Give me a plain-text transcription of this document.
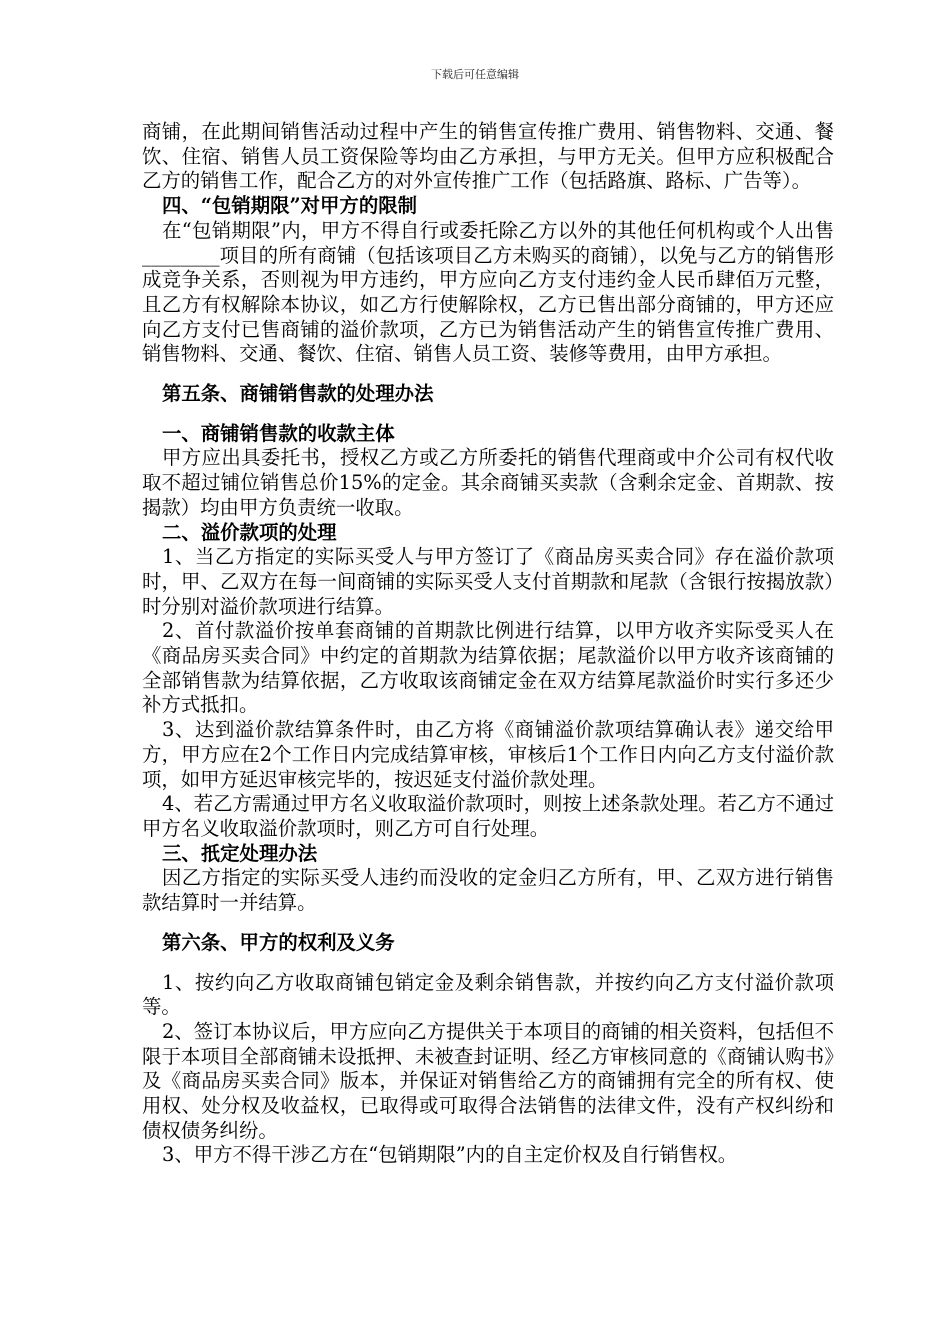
下载后可任意编辑

商铺，在此期间销售活动过程中产生的销售宣传推广费用、销售物料、交通、餐饮、住宿、销售人员工资保险等均由乙方承担，与甲方无关。但甲方应积极配合乙方的销售工作，配合乙方的对外宣传推广工作（包括路旗、路标、广告等）。

四、“包销期限”对甲方的限制

在“包销期限”内，甲方不得自行或委托除乙方以外的其他任何机构或个人出售________项目的所有商铺（包括该项目乙方未购买的商铺），以免与乙方的销售形成竞争关系，否则视为甲方违约，甲方应向乙方支付违约金人民币肆佰万元整，且乙方有权解除本协议，如乙方行使解除权，乙方已售出部分商铺的，甲方还应向乙方支付已售商铺的溢价款项，乙方已为销售活动产生的销售宣传推广费用、销售物料、交通、餐饮、住宿、销售人员工资、装修等费用，由甲方承担。

第五条、商铺销售款的处理办法

一、商铺销售款的收款主体

甲方应出具委托书，授权乙方或乙方所委托的销售代理商或中介公司有权代收取不超过铺位销售总价15%的定金。其余商铺买卖款（含剩余定金、首期款、按揭款）均由甲方负责统一收取。

二、溢价款项的处理

1、当乙方指定的实际买受人与甲方签订了《商品房买卖合同》存在溢价款项时，甲、乙双方在每一间商铺的实际买受人支付首期款和尾款（含银行按揭放款）时分别对溢价款项进行结算。

2、首付款溢价按单套商铺的首期款比例进行结算，以甲方收齐实际受买人在《商品房买卖合同》中约定的首期款为结算依据；尾款溢价以甲方收齐该商铺的全部销售款为结算依据，乙方收取该商铺定金在双方结算尾款溢价时实行多还少补方式抵扣。

3、达到溢价款结算条件时，由乙方将《商铺溢价款项结算确认表》递交给甲方，甲方应在2个工作日内完成结算审核，审核后1个工作日内向乙方支付溢价款项，如甲方延迟审核完毕的，按迟延支付溢价款处理。

4、若乙方需通过甲方名义收取溢价款项时，则按上述条款处理。若乙方不通过甲方名义收取溢价款项时，则乙方可自行处理。

三、扺定处理办法

因乙方指定的实际买受人违约而没收的定金归乙方所有，甲、乙双方进行销售款结算时一并结算。

第六条、甲方的权利及义务

1、按约向乙方收取商铺包销定金及剩余销售款，并按约向乙方支付溢价款项等。

2、签订本协议后，甲方应向乙方提供关于本项目的商铺的相关资料，包括但不限于本项目全部商铺未设抵押、未被查封证明、经乙方审核同意的《商铺认购书》及《商品房买卖合同》版本，并保证对销售给乙方的商铺拥有完全的所有权、使用权、处分权及收益权，已取得或可取得合法销售的法律文件，没有产权纠纷和债权债务纠纷。

3、甲方不得干涉乙方在“包销期限”内的自主定价权及自行销售权。
